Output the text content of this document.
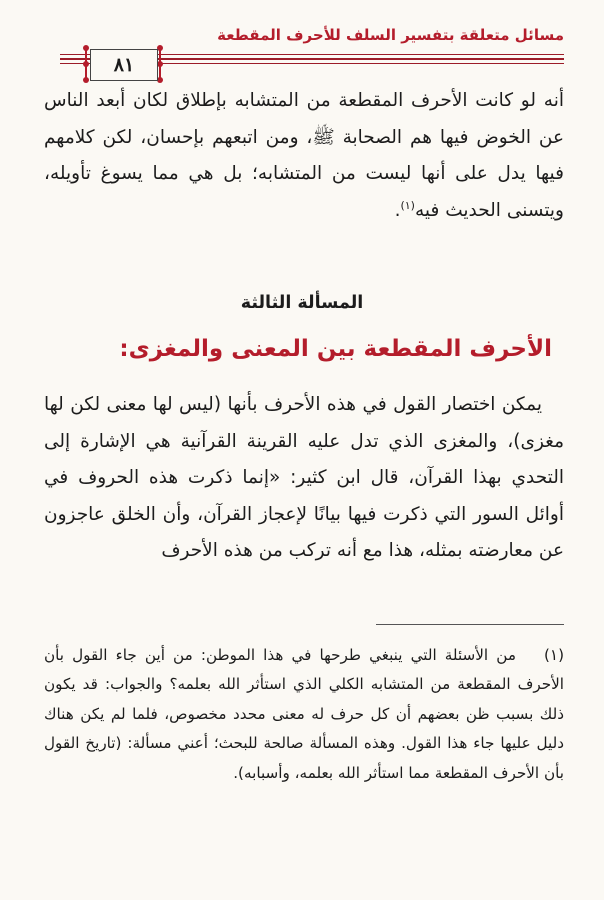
مسائل متعلقة بتفسير السلف للأحرف المقطعة
٨١
أنه لو كانت الأحرف المقطعة من المتشابه بإطلاق لكان أبعد الناس عن الخوض فيها هم الصحابة ﷺ، ومن اتبعهم بإحسان، لكن كلامهم فيها يدل على أنها ليست من المتشابه؛ بل هي مما يسوغ تأويله، ويتسنى الحديث فيه$^{(١)}$.
المسألة الثالثة
الأحرف المقطعة بين المعنى والمغزى:
يمكن اختصار القول في هذه الأحرف بأنها (ليس لها معنى لكن لها مغزى)، والمغزى الذي تدل عليه القرينة القرآنية هي الإشارة إلى التحدي بهذا القرآن، قال ابن كثير: «إنما ذكرت هذه الحروف في أوائل السور التي ذكرت فيها بيانًا لإعجاز القرآن، وأن الخلق عاجزون عن معارضته بمثله، هذا مع أنه تركب من هذه الأحرف
(١)من الأسئلة التي ينبغي طرحها في هذا الموطن: من أين جاء القول بأن الأحرف المقطعة من المتشابه الكلي الذي استأثر الله بعلمه؟ والجواب: قد يكون ذلك بسبب ظن بعضهم أن كل حرف له معنى محدد مخصوص، فلما لم يكن هناك دليل عليها جاء هذا القول. وهذه المسألة صالحة للبحث؛ أعني مسألة: (تاريخ القول بأن الأحرف المقطعة مما استأثر الله بعلمه، وأسبابه).
